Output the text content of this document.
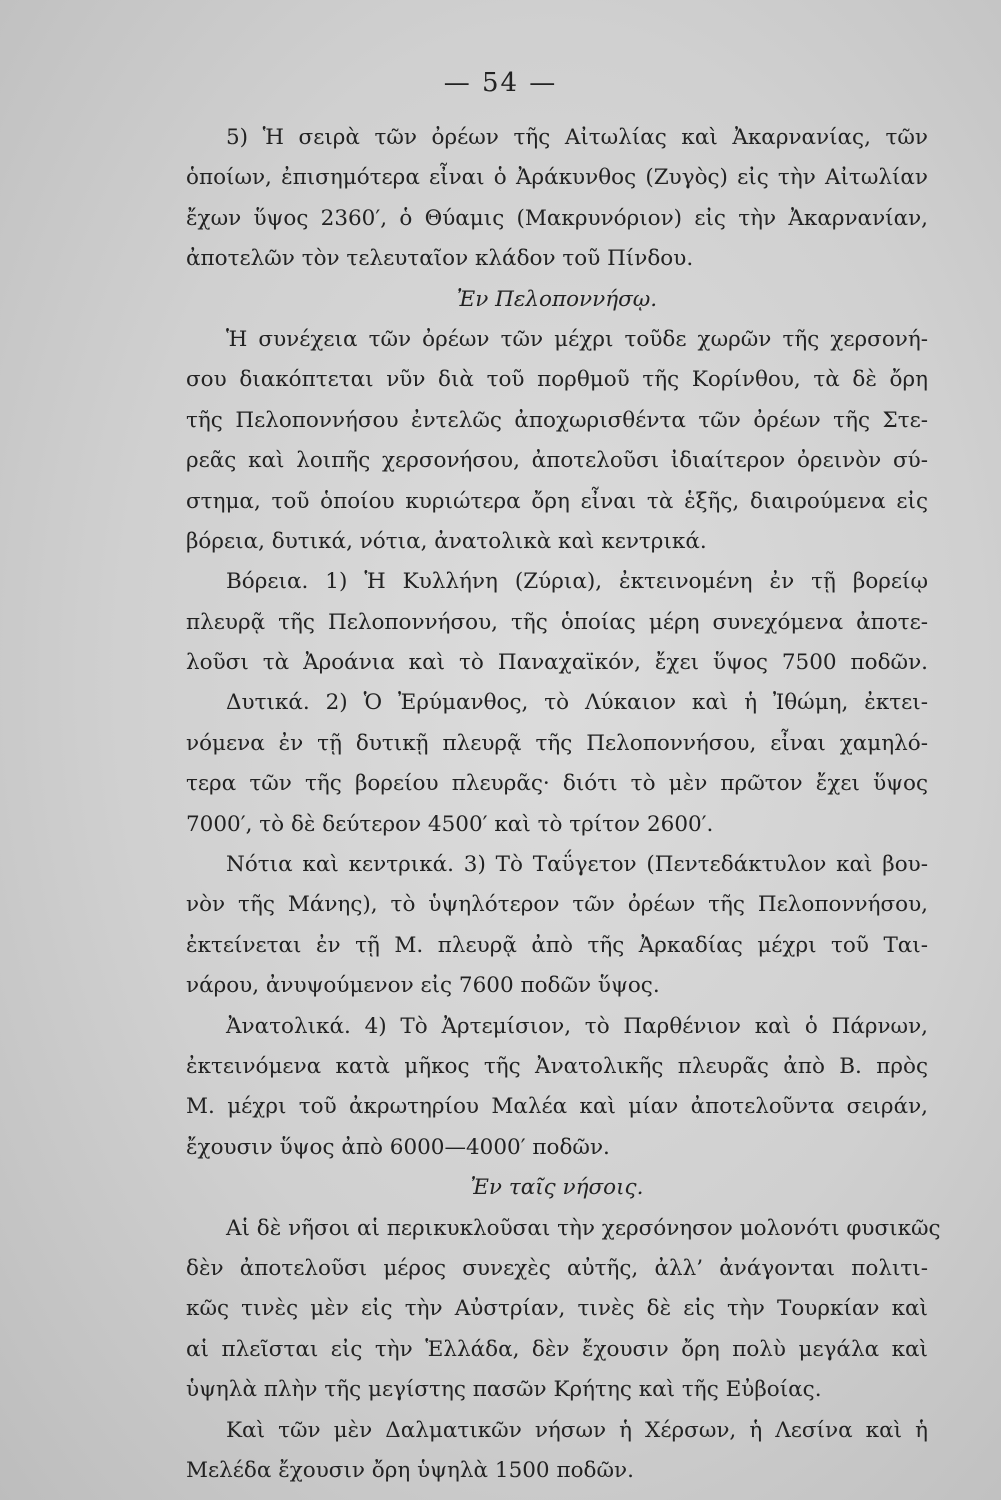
— 54 —
5) Ἡ σειρὰ τῶν ὀρέων τῆς Αἰτωλίας καὶ Ἀκαρνανίας, τῶν
ὁποίων, ἐπισημότερα εἶναι ὁ Ἀράκυνθος (Ζυγὸς) εἰς τὴν Αἰτωλίαν
ἔχων ὕψος 2360′, ὁ Θύαμις (Μακρυνόριον) εἰς τὴν Ἀκαρνανίαν,
ἀποτελῶν τὸν τελευταῖον κλάδον τοῦ Πίνδου.
Ἐν Πελοποννήσῳ.
Ἡ συνέχεια τῶν ὀρέων τῶν μέχρι τοῦδε χωρῶν τῆς χερσονή-
σου διακόπτεται νῦν διὰ τοῦ πορθμοῦ τῆς Κορίνθου, τὰ δὲ ὄρη
τῆς Πελοποννήσου ἐντελῶς ἀποχωρισθέντα τῶν ὀρέων τῆς Στε-
ρεᾶς καὶ λοιπῆς χερσονήσου, ἀποτελοῦσι ἰδιαίτερον ὀρεινὸν σύ-
στημα, τοῦ ὁποίου κυριώτερα ὄρη εἶναι τὰ ἑξῆς, διαιρούμενα εἰς
βόρεια, δυτικά, νότια, ἀνατολικὰ καὶ κεντρικά.
Βόρεια. 1) Ἡ Κυλλήνη (Ζύρια), ἐκτεινομένη ἐν τῇ βορείῳ
πλευρᾷ τῆς Πελοποννήσου, τῆς ὁποίας μέρη συνεχόμενα ἀποτε-
λοῦσι τὰ Ἀροάνια καὶ τὸ Παναχαϊκόν, ἔχει ὕψος 7500 ποδῶν.
Δυτικά. 2) Ὁ Ἐρύμανθος, τὸ Λύκαιον καὶ ἡ Ἰθώμη, ἐκτει-
νόμενα ἐν τῇ δυτικῇ πλευρᾷ τῆς Πελοποννήσου, εἶναι χαμηλό-
τερα τῶν τῆς βορείου πλευρᾶς· διότι τὸ μὲν πρῶτον ἔχει ὕψος
7000′, τὸ δὲ δεύτερον 4500′ καὶ τὸ τρίτον 2600′.
Νότια καὶ κεντρικά. 3) Τὸ Ταΰγετον (Πεντεδάκτυλον καὶ βου-
νὸν τῆς Μάνης), τὸ ὑψηλότερον τῶν ὀρέων τῆς Πελοποννήσου,
ἐκτείνεται ἐν τῇ Μ. πλευρᾷ ἀπὸ τῆς Ἀρκαδίας μέχρι τοῦ Ται-
νάρου, ἀνυψούμενον εἰς 7600 ποδῶν ὕψος.
Ἀνατολικά. 4) Τὸ Ἀρτεμίσιον, τὸ Παρθένιον καὶ ὁ Πάρνων,
ἐκτεινόμενα κατὰ μῆκος τῆς Ἀνατολικῆς πλευρᾶς ἀπὸ Β. πρὸς
Μ. μέχρι τοῦ ἀκρωτηρίου Μαλέα καὶ μίαν ἀποτελοῦντα σειράν,
ἔχουσιν ὕψος ἀπὸ 6000—4000′ ποδῶν.
Ἐν ταῖς νήσοις.
Αἱ δὲ νῆσοι αἱ περικυκλοῦσαι τὴν χερσόνησον μολονότι φυσικῶς
δὲν ἀποτελοῦσι μέρος συνεχὲς αὐτῆς, ἀλλ’ ἀνάγονται πολιτι-
κῶς τινὲς μὲν εἰς τὴν Αὐστρίαν, τινὲς δὲ εἰς τὴν Τουρκίαν καὶ
αἱ πλεῖσται εἰς τὴν Ἑλλάδα, δὲν ἔχουσιν ὄρη πολὺ μεγάλα καὶ
ὑψηλὰ πλὴν τῆς μεγίστης πασῶν Κρήτης καὶ τῆς Εὐβοίας.
Καὶ τῶν μὲν Δαλματικῶν νήσων ἡ Χέρσων, ἡ Λεσίνα καὶ ἡ
Μελέδα ἔχουσιν ὄρη ὑψηλὰ 1500 ποδῶν.
